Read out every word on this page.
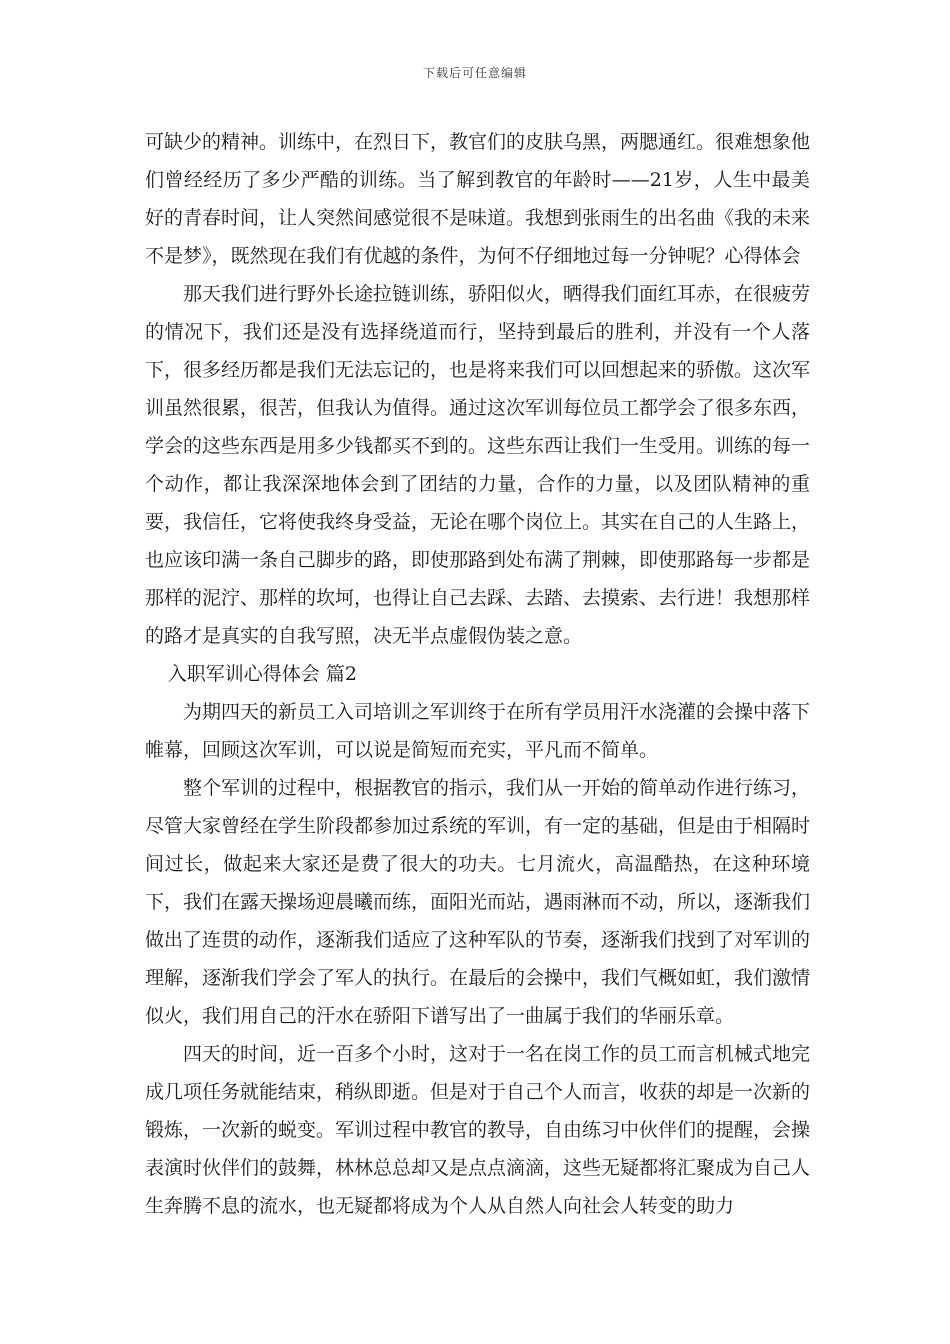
下载后可任意编辑

可缺少的精神。训练中，在烈日下，教官们的皮肤乌黑，两腮通红。很难想象他们曾经经历了多少严酷的训练。当了解到教官的年龄时——21岁，人生中最美好的青春时间，让人突然间感觉很不是味道。我想到张雨生的出名曲《我的未来不是梦》，既然现在我们有优越的条件，为何不仔细地过每一分钟呢？心得体会

那天我们进行野外长途拉链训练，骄阳似火，晒得我们面红耳赤，在很疲劳的情况下，我们还是没有选择绕道而行，坚持到最后的胜利，并没有一个人落下，很多经历都是我们无法忘记的，也是将来我们可以回想起来的骄傲。这次军训虽然很累，很苦，但我认为值得。通过这次军训每位员工都学会了很多东西，学会的这些东西是用多少钱都买不到的。这些东西让我们一生受用。训练的每一个动作，都让我深深地体会到了团结的力量，合作的力量，以及团队精神的重要，我信任，它将使我终身受益，无论在哪个岗位上。其实在自己的人生路上，也应该印满一条自己脚步的路，即使那路到处布满了荆棘，即使那路每一步都是那样的泥泞、那样的坎坷，也得让自己去踩、去踏、去摸索、去行进！我想那样的路才是真实的自我写照，决无半点虚假伪装之意。

入职军训心得体会 篇2

为期四天的新员工入司培训之军训终于在所有学员用汗水浇灌的会操中落下帷幕，回顾这次军训，可以说是简短而充实，平凡而不简单。

整个军训的过程中，根据教官的指示，我们从一开始的简单动作进行练习，尽管大家曾经在学生阶段都参加过系统的军训，有一定的基础，但是由于相隔时间过长，做起来大家还是费了很大的功夫。七月流火，高温酷热，在这种环境下，我们在露天操场迎晨曦而练，面阳光而站，遇雨淋而不动，所以，逐渐我们做出了连贯的动作，逐渐我们适应了这种军队的节奏，逐渐我们找到了对军训的理解，逐渐我们学会了军人的执行。在最后的会操中，我们气概如虹，我们激情似火，我们用自己的汗水在骄阳下谱写出了一曲属于我们的华丽乐章。

四天的时间，近一百多个小时，这对于一名在岗工作的员工而言机械式地完成几项任务就能结束，稍纵即逝。但是对于自己个人而言，收获的却是一次新的锻炼，一次新的蜕变。军训过程中教官的教导，自由练习中伙伴们的提醒，会操表演时伙伴们的鼓舞，林林总总却又是点点滴滴，这些无疑都将汇聚成为自己人生奔腾不息的流水，也无疑都将成为个人从自然人向社会人转变的助力
